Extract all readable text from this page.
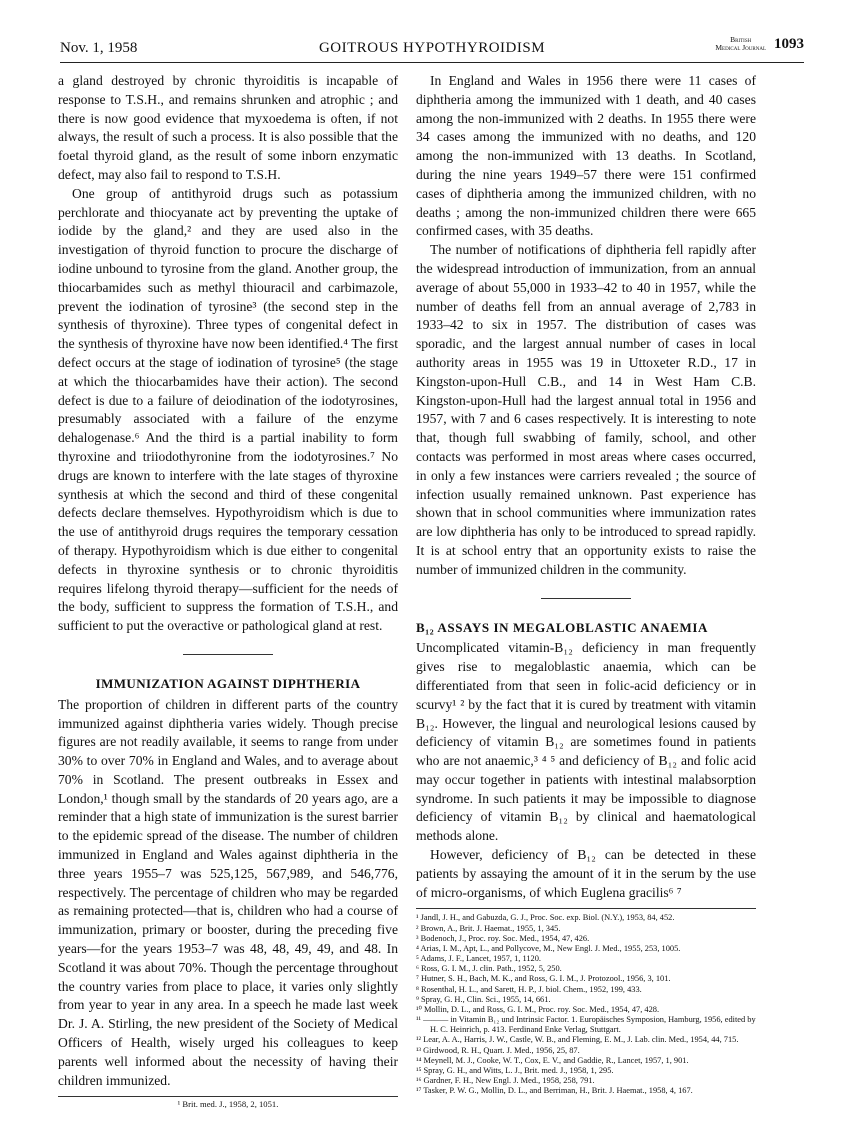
Nov. 1, 1958	GOITROUS HYPOTHYROIDISM
British
Medical Journal 1093

a gland destroyed by chronic thyroiditis is incapable of response to T.S.H., and remains shrunken and atrophic ; and there is now good evidence that myxoedema is often, if not always, the result of such a process. It is also possible that the foetal thyroid gland, as the result of some inborn enzymatic defect, may also fail to respond to T.S.H.

One group of antithyroid drugs such as potassium perchlorate and thiocyanate act by preventing the uptake of iodide by the gland,² and they are used also in the investigation of thyroid function to procure the discharge of iodine unbound to tyrosine from the gland. Another group, the thiocarbamides such as methyl thiouracil and carbimazole, prevent the iodination of tyrosine³ (the second step in the synthesis of thyroxine). Three types of congenital defect in the synthesis of thyroxine have now been identified.⁴ The first defect occurs at the stage of iodination of tyrosine⁵ (the stage at which the thiocarbamides have their action). The second defect is due to a failure of deiodination of the iodotyrosines, presumably associated with a failure of the enzyme dehalogenase.⁶ And the third is a partial inability to form thyroxine and triiodothyronine from the iodotyrosines.⁷ No drugs are known to interfere with the late stages of thyroxine synthesis at which the second and third of these congenital defects declare themselves. Hypothyroidism which is due to the use of antithyroid drugs requires the temporary cessation of therapy. Hypothyroidism which is due either to congenital defects in thyroxine synthesis or to chronic thyroiditis requires lifelong thyroid therapy—sufficient for the needs of the body, sufficient to suppress the formation of T.S.H., and sufficient to put the overactive or pathological gland at rest.

IMMUNIZATION AGAINST DIPHTHERIA

The proportion of children in different parts of the country immunized against diphtheria varies widely. Though precise figures are not readily available, it seems to range from under 30% to over 70% in England and Wales, and to average about 70% in Scotland. The present outbreaks in Essex and London,¹ though small by the standards of 20 years ago, are a reminder that a high state of immunization is the surest barrier to the epidemic spread of the disease. The number of children immunized in England and Wales against diphtheria in the three years 1955–7 was 525,125, 567,989, and 546,776, respectively. The percentage of children who may be regarded as remaining protected—that is, children who had a course of immunization, primary or booster, during the preceding five years—for the years 1953–7 was 48, 48, 49, 49, and 48. In Scotland it was about 70%. Though the percentage throughout the country varies from place to place, it varies only slightly from year to year in any area. In a speech he made last week Dr. J. A. Stirling, the new president of the Society of Medical Officers of Health, wisely urged his colleagues to keep parents well informed about the necessity of having their children immunized.

¹ Brit. med. J., 1958, 2, 1051.

In England and Wales in 1956 there were 11 cases of diphtheria among the immunized with 1 death, and 40 cases among the non-immunized with 2 deaths. In 1955 there were 34 cases among the immunized with no deaths, and 120 among the non-immunized with 13 deaths. In Scotland, during the nine years 1949–57 there were 151 confirmed cases of diphtheria among the immunized children, with no deaths ; among the non-immunized children there were 665 confirmed cases, with 35 deaths.

The number of notifications of diphtheria fell rapidly after the widespread introduction of immunization, from an annual average of about 55,000 in 1933–42 to 40 in 1957, while the number of deaths fell from an annual average of 2,783 in 1933–42 to six in 1957. The distribution of cases was sporadic, and the largest annual number of cases in local authority areas in 1955 was 19 in Uttoxeter R.D., 17 in Kingston-upon-Hull C.B., and 14 in West Ham C.B. Kingston-upon-Hull had the largest annual total in 1956 and 1957, with 7 and 6 cases respectively. It is interesting to note that, though full swabbing of family, school, and other contacts was performed in most areas where cases occurred, in only a few instances were carriers revealed ; the source of infection usually remained unknown. Past experience has shown that in school communities where immunization rates are low diphtheria has only to be introduced to spread rapidly. It is at school entry that an opportunity exists to raise the number of immunized children in the community.

B₁₂ ASSAYS IN MEGALOBLASTIC ANAEMIA

Uncomplicated vitamin-B₁₂ deficiency in man frequently gives rise to megaloblastic anaemia, which can be differentiated from that seen in folic-acid deficiency or in scurvy¹ ² by the fact that it is cured by treatment with vitamin B₁₂. However, the lingual and neurological lesions caused by deficiency of vitamin B₁₂ are sometimes found in patients who are not anaemic,³ ⁴ ⁵ and deficiency of B₁₂ and folic acid may occur together in patients with intestinal malabsorption syndrome. In such patients it may be impossible to diagnose deficiency of vitamin B₁₂ by clinical and haematological methods alone.

However, deficiency of B₁₂ can be detected in these patients by assaying the amount of it in the serum by the use of micro-organisms, of which Euglena gracilis⁶ ⁷

¹ Jandl, J. H., and Gabuzda, G. J., Proc. Soc. exp. Biol. (N.Y.), 1953, 84, 452.
² Brown, A., Brit. J. Haemat., 1955, 1, 345.
³ Bodenoch, J., Proc. roy. Soc. Med., 1954, 47, 426.
⁴ Arias, I. M., Apt, L., and Pollycove, M., New Engl. J. Med., 1955, 253, 1005.
⁵ Adams, J. F., Lancet, 1957, 1, 1120.
⁶ Ross, G. I. M., J. clin. Path., 1952, 5, 250.
⁷ Hutner, S. H., Bach, M. K., and Ross, G. I. M., J. Protozool., 1956, 3, 101.
⁸ Rosenthal, H. L., and Sarett, H. P., J. biol. Chem., 1952, 199, 433.
⁹ Spray, G. H., Clin. Sci., 1955, 14, 661.
¹⁰ Mollin, D. L., and Ross, G. I. M., Proc. roy. Soc. Med., 1954, 47, 428.
¹¹ ——— in Vitamin B₁₂ und Intrinsic Factor. 1. Europäisches Symposion, Hamburg, 1956, edited by H. C. Heinrich, p. 413. Ferdinand Enke Verlag, Stuttgart.
¹² Lear, A. A., Harris, J. W., Castle, W. B., and Fleming, E. M., J. Lab. clin. Med., 1954, 44, 715.
¹³ Girdwood, R. H., Quart. J. Med., 1956, 25, 87.
¹⁴ Meynell, M. J., Cooke, W. T., Cox, E. V., and Gaddie, R., Lancet, 1957, 1, 901.
¹⁵ Spray, G. H., and Witts, L. J., Brit. med. J., 1958, 1, 295.
¹⁶ Gardner, F. H., New Engl. J. Med., 1958, 258, 791.
¹⁷ Tasker, P. W. G., Mollin, D. L., and Berriman, H., Brit. J. Haemat., 1958, 4, 167.
